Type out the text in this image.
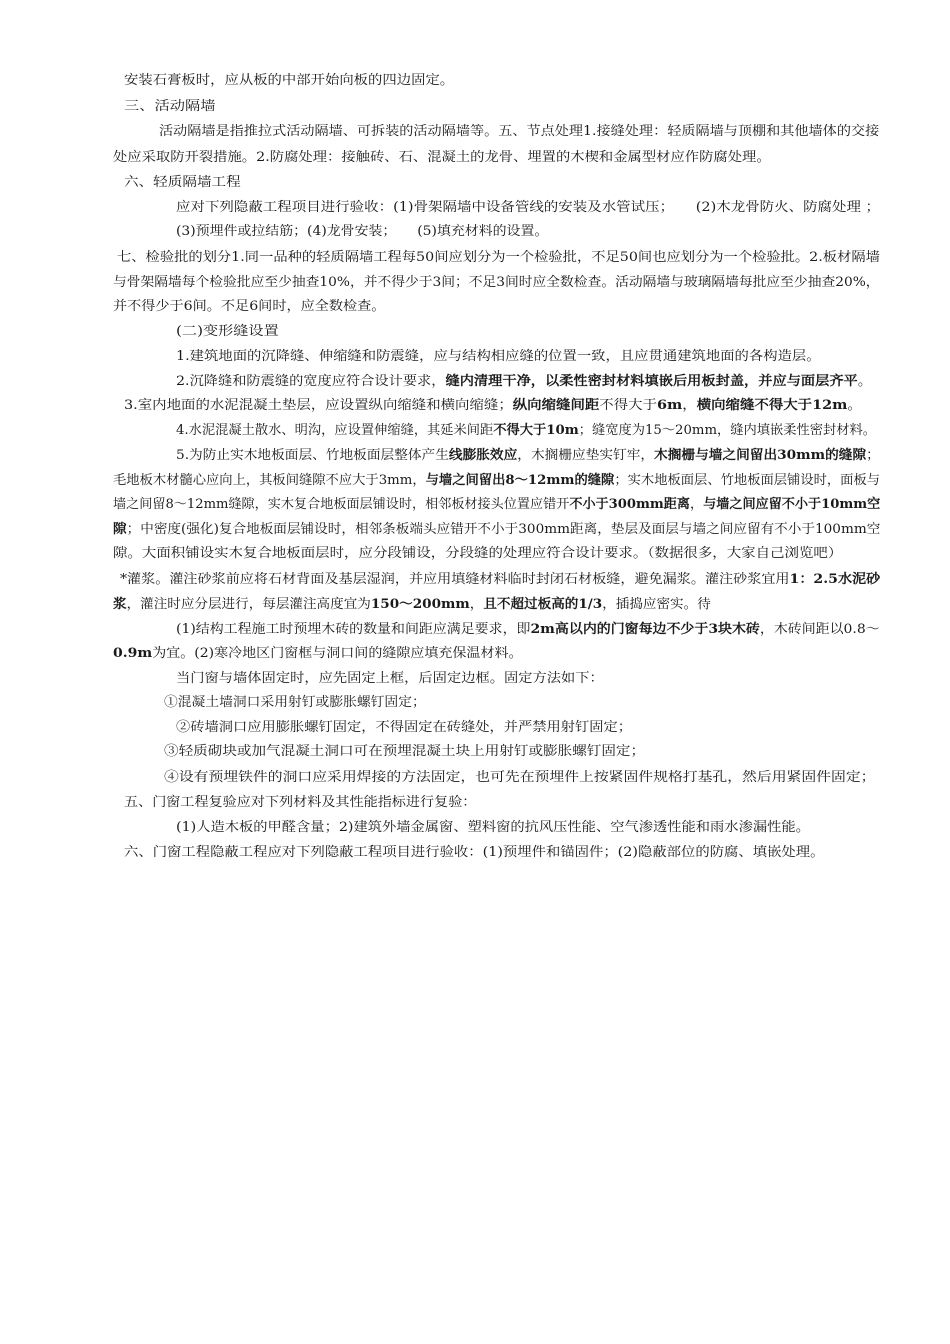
安装石膏板时，应从板的中部开始向板的四边固定。

三、活动隔墙

活动隔墙是指推拉式活动隔墙、可拆装的活动隔墙等。五、节点处理1.接缝处理：轻质隔墙与顶棚和其他墙体的交接

处应采取防开裂措施。2.防腐处理：接触砖、石、混凝土的龙骨、埋置的木楔和金属型材应作防腐处理。

六、轻质隔墙工程

应对下列隐蔽工程项目进行验收：(1)骨架隔墙中设备管线的安装及水管试压；　　(2)木龙骨防火、防腐处理 ；

(3)预埋件或拉结筋；(4)龙骨安装；　　(5)填充材料的设置。

七、检验批的划分1.同一品种的轻质隔墙工程每50间应划分为一个检验批，不足50间也应划分为一个检验批。2.板材隔墙

与骨架隔墙每个检验批应至少抽查10%，并不得少于3间；不足3间时应全数检查。活动隔墙与玻璃隔墙每批应至少抽查20%，

并不得少于6间。不足6间时，应全数检查。

(二)变形缝设置

1.建筑地面的沉降缝、伸缩缝和防震缝，应与结构相应缝的位置一致，且应贯通建筑地面的各构造层。

2.沉降缝和防震缝的宽度应符合设计要求，缝内清理干净，以柔性密封材料填嵌后用板封盖，并应与面层齐平。

3.室内地面的水泥混凝土垫层，应设置纵向缩缝和横向缩缝；纵向缩缝间距不得大于6m，横向缩缝不得大于12m。

4.水泥混凝土散水、明沟，应设置伸缩缝，其延米间距不得大于10m；缝宽度为15～20mm，缝内填嵌柔性密封材料。

5.为防止实木地板面层、竹地板面层整体产生线膨胀效应，木搁栅应垫实钉牢，木搁栅与墙之间留出30mm的缝隙；

毛地板木材髓心应向上，其板间缝隙不应大于3mm，与墙之间留出8～12mm的缝隙；实木地板面层、竹地板面层铺设时，面板与

墙之间留8～12mm缝隙，实木复合地板面层铺设时，相邻板材接头位置应错开不小于300mm距离，与墙之间应留不小于10mm空

隙；中密度(强化)复合地板面层铺设时，相邻条板端头应错开不小于300mm距离，垫层及面层与墙之间应留有不小于100mm空

隙。大面积铺设实木复合地板面层时，应分段铺设，分段缝的处理应符合设计要求。（数据很多，大家自己浏览吧）

*灌浆。灌注砂浆前应将石材背面及基层湿润，并应用填缝材料临时封闭石材板缝，避免漏浆。灌注砂浆宜用1：2.5水泥砂

浆，灌注时应分层进行，每层灌注高度宜为150～200mm，且不超过板高的1/3，插捣应密实。待

(1)结构工程施工时预埋木砖的数量和间距应满足要求，即2m高以内的门窗每边不少于3块木砖，木砖间距以0.8～

0.9m为宜。(2)寒冷地区门窗框与洞口间的缝隙应填充保温材料。

当门窗与墙体固定时，应先固定上框，后固定边框。固定方法如下：

①混凝土墙洞口采用射钉或膨胀螺钉固定；

②砖墙洞口应用膨胀螺钉固定，不得固定在砖缝处，并严禁用射钉固定；

③轻质砌块或加气混凝土洞口可在预埋混凝土块上用射钉或膨胀螺钉固定；

④设有预埋铁件的洞口应采用焊接的方法固定，也可先在预埋件上按紧固件规格打基孔，然后用紧固件固定；

五、门窗工程复验应对下列材料及其性能指标进行复验：

(1)人造木板的甲醛含量；2)建筑外墙金属窗、塑料窗的抗风压性能、空气渗透性能和雨水渗漏性能。

六、门窗工程隐蔽工程应对下列隐蔽工程项目进行验收：(1)预埋件和锚固件；(2)隐蔽部位的防腐、填嵌处理。
